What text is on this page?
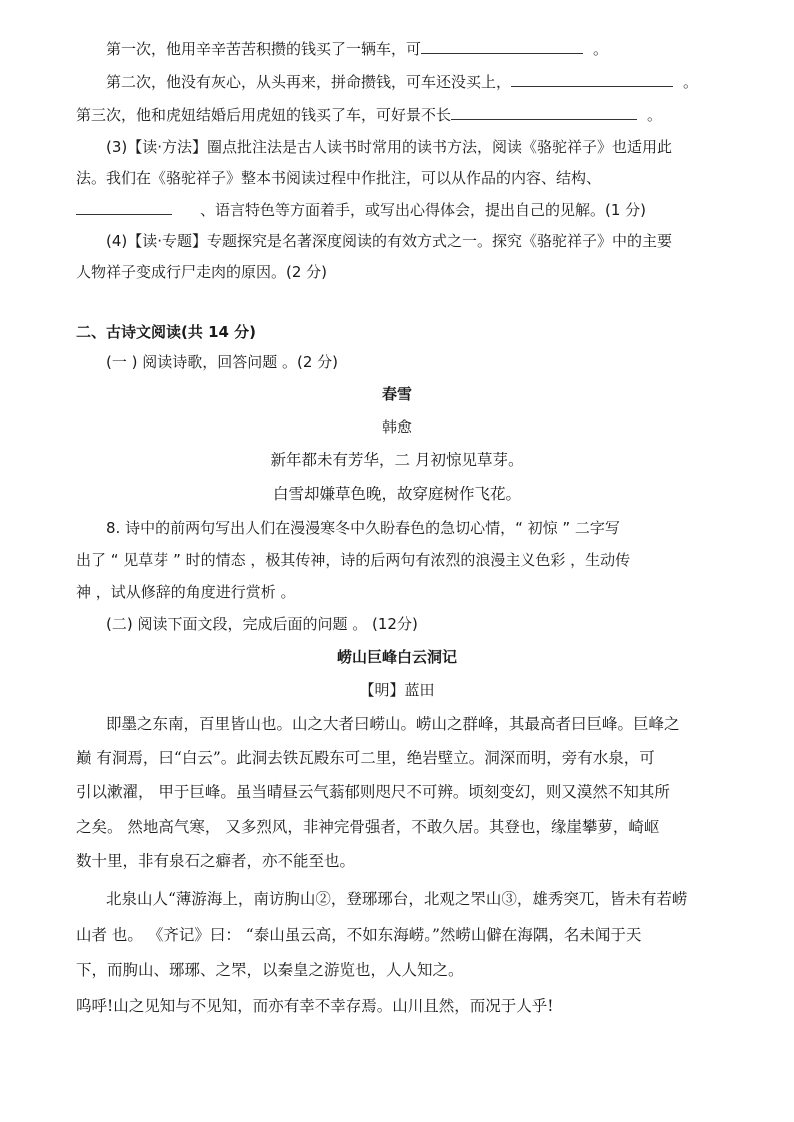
第一次，他用辛辛苦苦积攒的钱买了一辆车，可	。
第二次，他没有灰心，从头再来，拼命攒钱，可车还没买上，	。
第三次，他和虎妞结婚后用虎妞的钱买了车，可好景不长	。
(3)【读·方法】圈点批注法是古人读书时常用的读书方法，阅读《骆驼祥子》也适用此
法。我们在《骆驼祥子》整本书阅读过程中作批注，可以从作品的内容、结构、
、语言特色等方面着手，或写出心得体会，提出自己的见解。(1 分)
(4)【读·专题】专题探究是名著深度阅读的有效方式之一。探究《骆驼祥子》中的主要
人物祥子变成行尸走肉的原因。(2 分)
二、古诗文阅读(共 14 分)
(一 ) 阅读诗歌，回答问题 。(2 分)
春雪
韩愈
新年都未有芳华，二 月初惊见草芽。
白雪却嫌草色晚，故穿庭树作飞花。
8. 诗中的前两句写出人们在漫漫寒冬中久盼春色的急切心情，“ 初惊 ” 二字写
出了 “ 见草芽 ” 时的情态 ，极其传神，诗的后两句有浓烈的浪漫主义色彩 ，生动传
神 ，试从修辞的角度进行赏析 。
(二) 阅读下面文段，完成后面的问题 。 (12分)
崂山巨峰白云洞记
【明】蓝田
即墨之东南，百里皆山也。山之大者曰崂山。崂山之群峰，其最高者曰巨峰。巨峰之
巅 有洞焉，曰“白云”。此洞去铁瓦殿东可二里，绝岩壁立。洞深而明，旁有水泉，可
引以漱濯， 甲于巨峰。虽当晴昼云气蓊郁则咫尺不可辨。顷刻变幻，则又漠然不知其所
之矣。 然地高气寒， 又多烈风，非神完骨强者，不敢久居。其登也，缘崖攀萝，崎岖
数十里，非有泉石之癖者，亦不能至也。
北泉山人“薄游海上，南访朐山②，登琊琊台，北观之罘山③，雄秀突兀，皆未有若崂
山者 也。 《齐记》曰： “泰山虽云高，不如东海崂。”然崂山僻在海隅，名未闻于天
下，而朐山、琊琊、之罘，以秦皇之游览也，人人知之。
呜呼!山之见知与不见知，而亦有幸不幸存焉。山川且然，而况于人乎!
